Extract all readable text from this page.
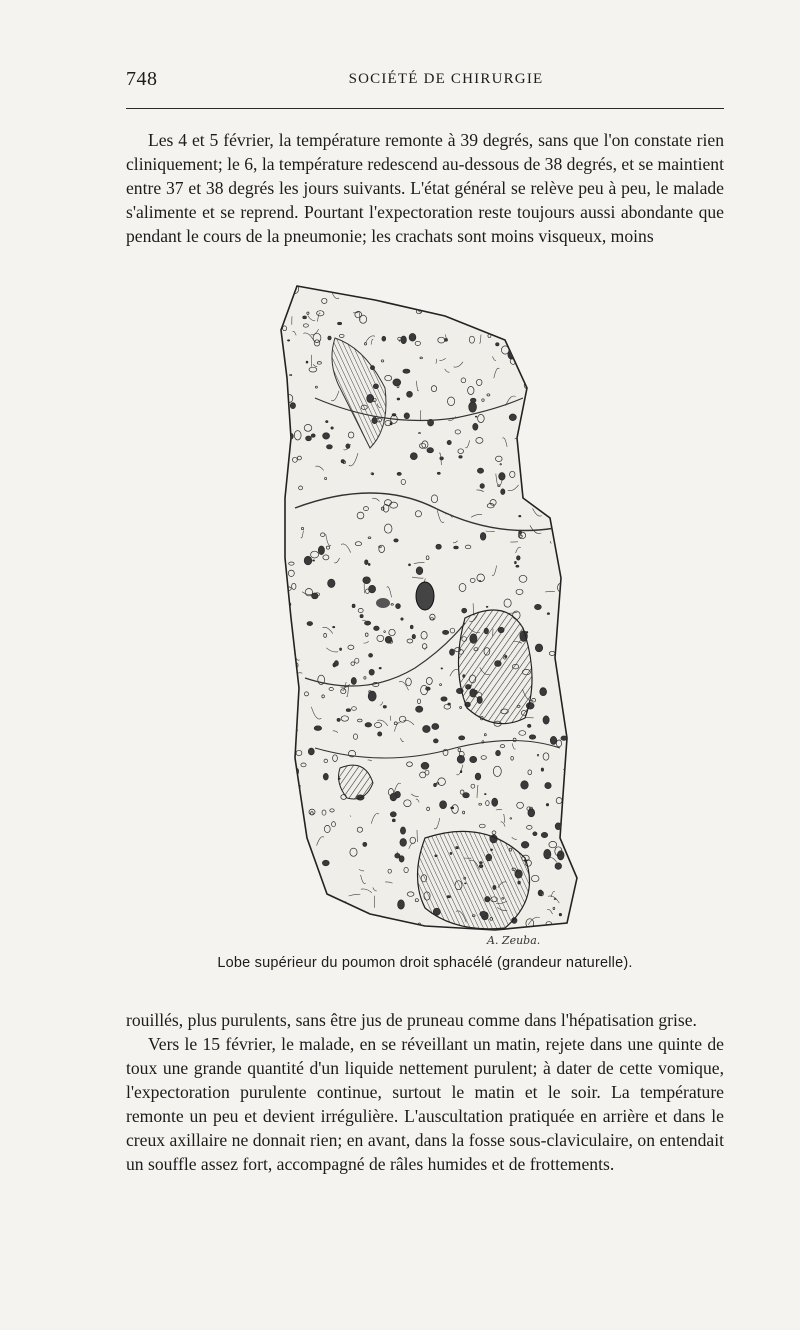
748	SOCIÉTÉ DE CHIRURGIE

Les 4 et 5 février, la température remonte à 39 degrés, sans que l'on constate rien cliniquement; le 6, la température redescend au-dessous de 38 degrés, et se maintient entre 37 et 38 degrés les jours suivants. L'état général se relève peu à peu, le malade s'alimente et se reprend. Pourtant l'expectoration reste toujours aussi abondante que pendant le cours de la pneumonie; les crachats sont moins visqueux, moins

A. Zeuba.
Lobe supérieur du poumon droit sphacélé (grandeur naturelle).

rouillés, plus purulents, sans être jus de pruneau comme dans l'hépatisation grise.

Vers le 15 février, le malade, en se réveillant un matin, rejete dans une quinte de toux une grande quantité d'un liquide nettement purulent; à dater de cette vomique, l'expectoration purulente continue, surtout le matin et le soir. La température remonte un peu et devient irrégulière. L'auscultation pratiquée en arrière et dans le creux axillaire ne donnait rien; en avant, dans la fosse sous-claviculaire, on entendait un souffle assez fort, accompagné de râles humides et de frottements.
